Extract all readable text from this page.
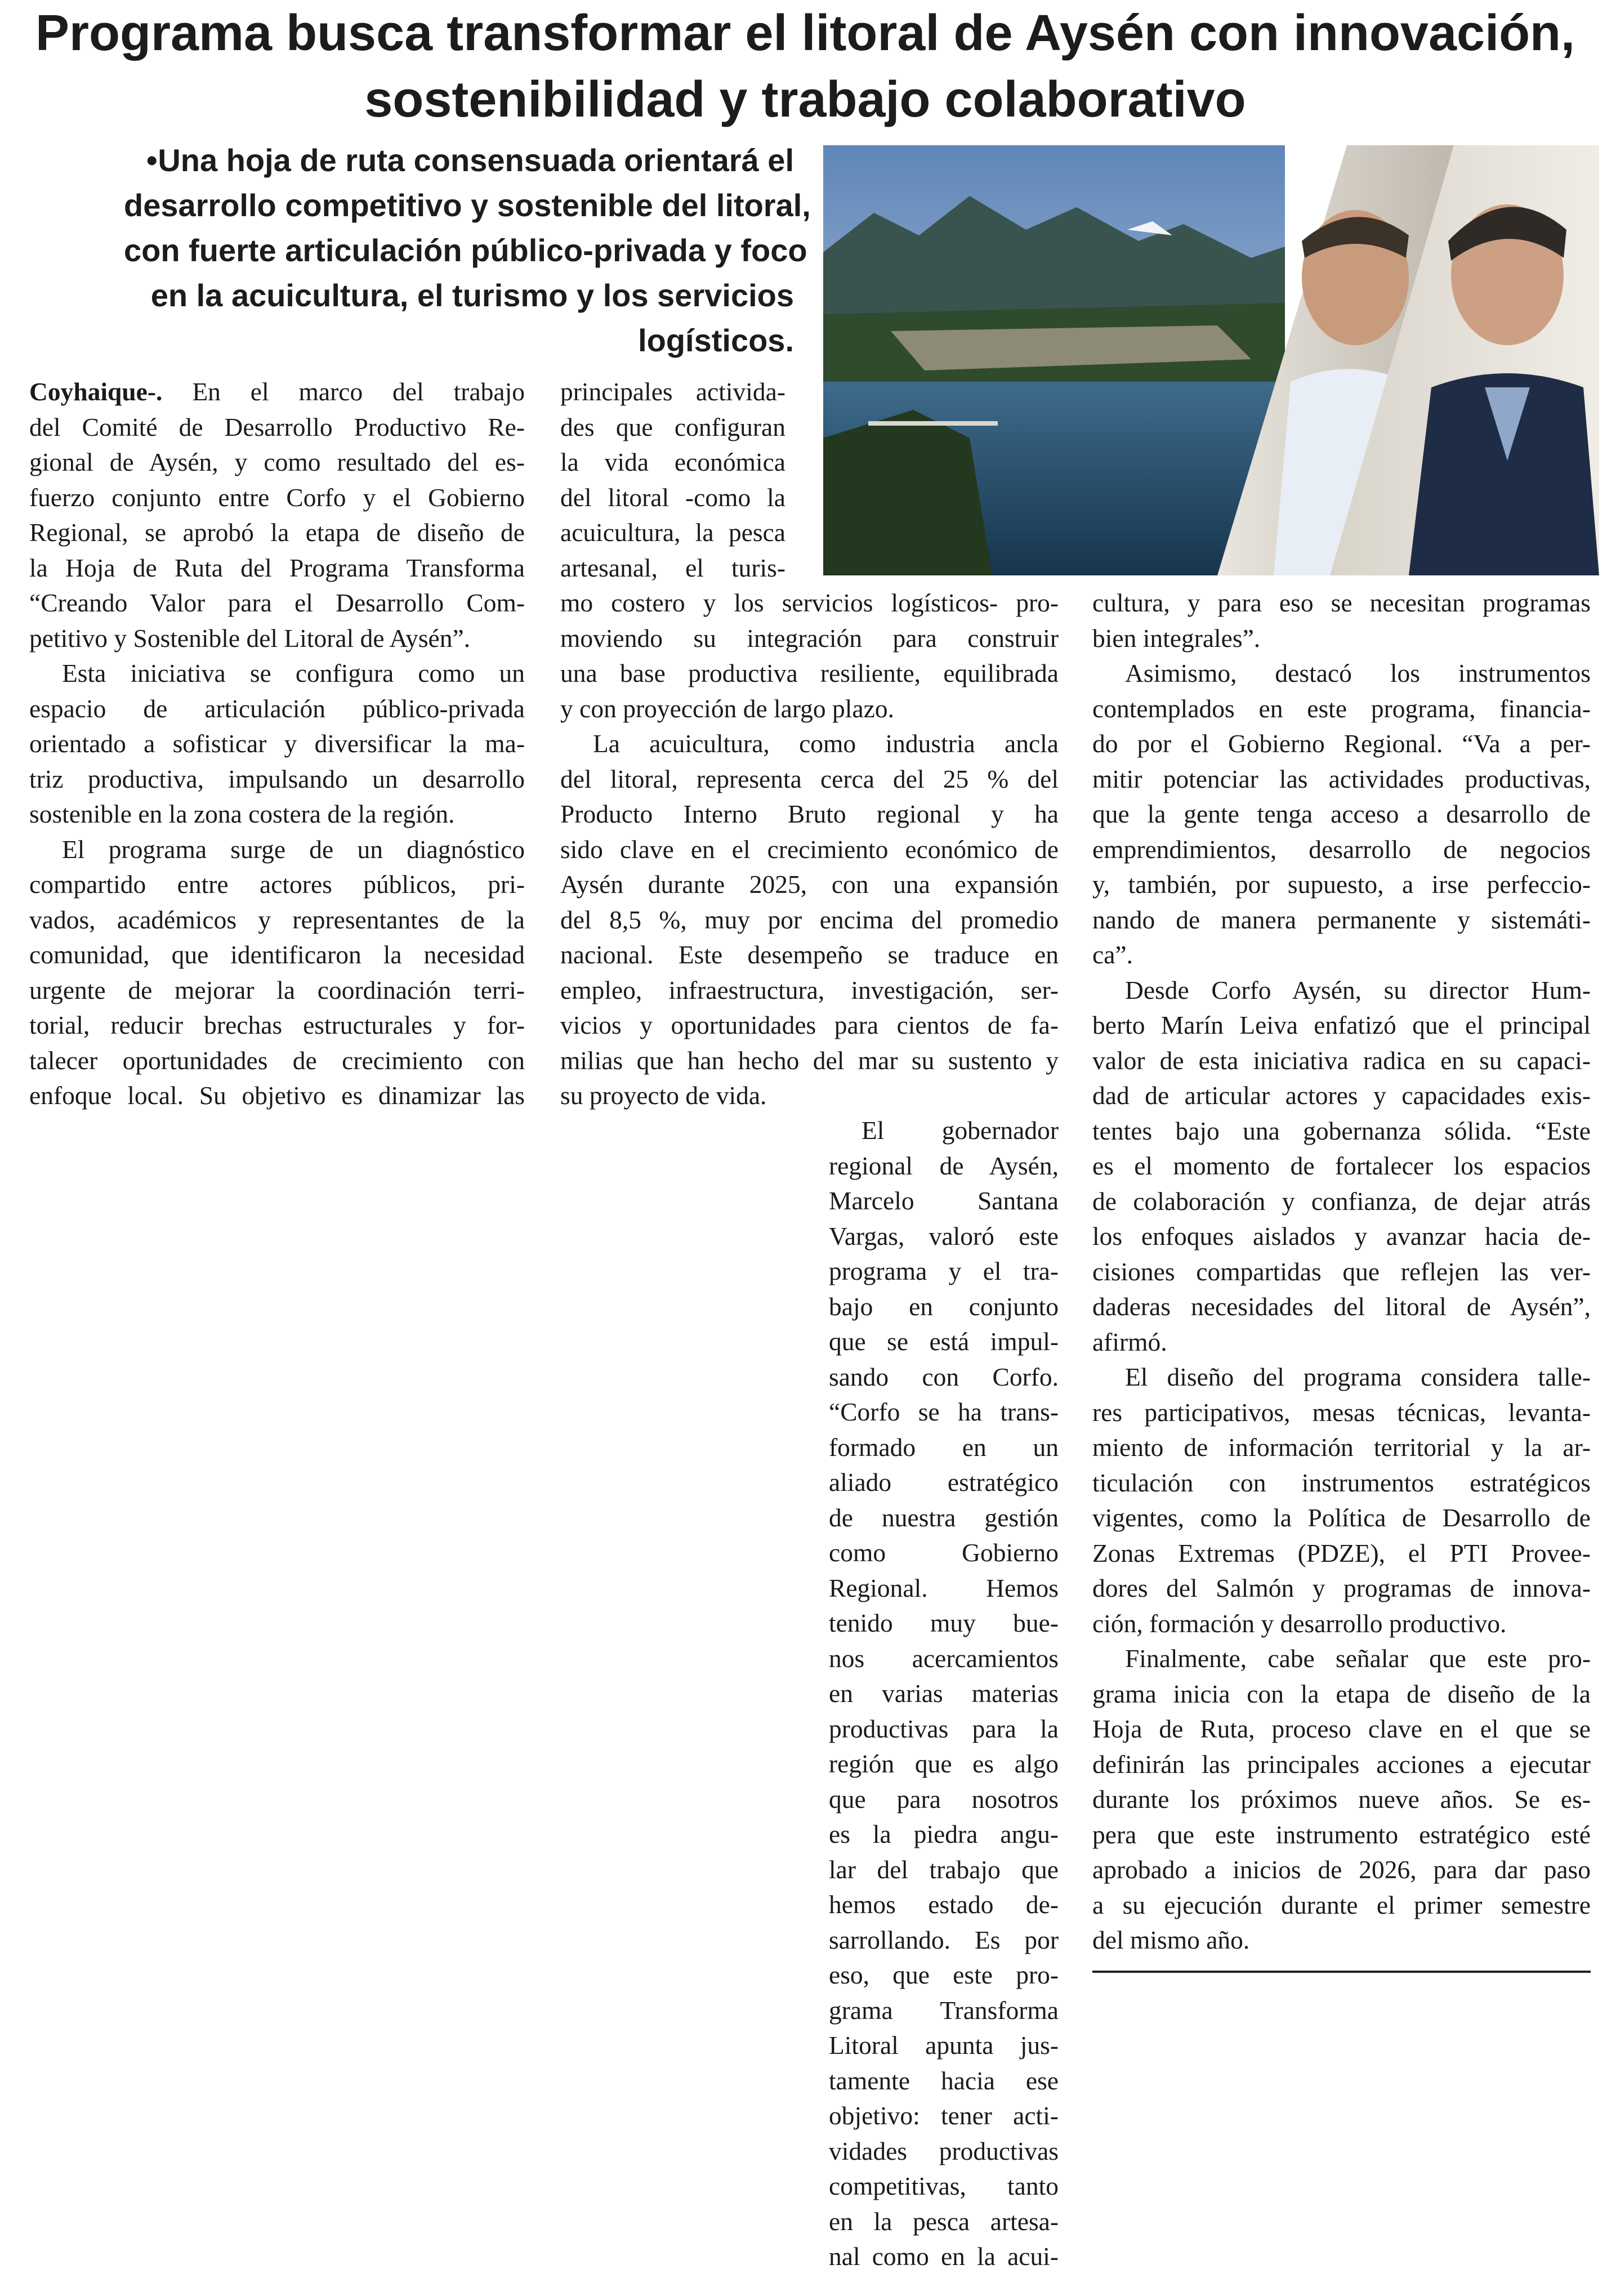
Programa busca transformar el litoral de Aysén con innovación,
sostenibilidad y trabajo colaborativo
• Una hoja de ruta consensuada orientará el
desarrollo competitivo y sostenible del litoral,
con fuerte articulación público-privada y foco
en la acuicultura, el turismo y los servicios
logísticos.
Coyhaique-. En el marco del trabajo
del Comité de Desarrollo Productivo Re-
gional de Aysén, y como resultado del es-
fuerzo conjunto entre Corfo y el Gobierno
Regional, se aprobó la etapa de diseño de
la Hoja de Ruta del Programa Transforma
“Creando Valor para el Desarrollo Com-
petitivo y Sostenible del Litoral de Aysén”.
Esta iniciativa se configura como un
espacio de articulación público-privada
orientado a sofisticar y diversificar la ma-
triz productiva, impulsando un desarrollo
sostenible en la zona costera de la región.
El programa surge de un diagnóstico
compartido entre actores públicos, pri-
vados, académicos y representantes de la
comunidad, que identificaron la necesidad
urgente de mejorar la coordinación terri-
torial, reducir brechas estructurales y for-
talecer oportunidades de crecimiento con
enfoque local. Su objetivo es dinamizar las
principales activida-
des que configuran
la vida económica
del litoral -como la
acuicultura, la pesca
artesanal, el turis-
mo costero y los servicios logísticos- pro-
moviendo su integración para construir
una base productiva resiliente, equilibrada
y con proyección de largo plazo.
La acuicultura, como industria ancla
del litoral, representa cerca del 25 % del
Producto Interno Bruto regional y ha
sido clave en el crecimiento económico de
Aysén durante 2025, con una expansión
del 8,5 %, muy por encima del promedio
nacional. Este desempeño se traduce en
empleo, infraestructura, investigación, ser-
vicios y oportunidades para cientos de fa-
milias que han hecho del mar su sustento y
su proyecto de vida.
El gobernador
regional de Aysén,
Marcelo Santana
Vargas, valoró este
programa y el tra-
bajo en conjunto
que se está impul-
sando con Corfo.
“Corfo se ha trans-
formado en un
aliado estratégico
de nuestra gestión
como Gobierno
Regional. Hemos
tenido muy bue-
nos acercamientos
en varias materias
productivas para la
región que es algo
que para nosotros
es la piedra angu-
lar del trabajo que
hemos estado de-
sarrollando. Es por
eso, que este pro-
grama Transforma
Litoral apunta jus-
tamente hacia ese
objetivo: tener acti-
vidades productivas
competitivas, tanto
en la pesca artesa-
nal como en la acui-
cultura, y para eso se necesitan programas
bien integrales”.
Asimismo, destacó los instrumentos
contemplados en este programa, financia-
do por el Gobierno Regional. “Va a per-
mitir potenciar las actividades productivas,
que la gente tenga acceso a desarrollo de
emprendimientos, desarrollo de negocios
y, también, por supuesto, a irse perfeccio-
nando de manera permanente y sistemáti-
ca”.
Desde Corfo Aysén, su director Hum-
berto Marín Leiva enfatizó que el principal
valor de esta iniciativa radica en su capaci-
dad de articular actores y capacidades exis-
tentes bajo una gobernanza sólida. “Este
es el momento de fortalecer los espacios
de colaboración y confianza, de dejar atrás
los enfoques aislados y avanzar hacia de-
cisiones compartidas que reflejen las ver-
daderas necesidades del litoral de Aysén”,
afirmó.
El diseño del programa considera talle-
res participativos, mesas técnicas, levanta-
miento de información territorial y la ar-
ticulación con instrumentos estratégicos
vigentes, como la Política de Desarrollo de
Zonas Extremas (PDZE), el PTI Provee-
dores del Salmón y programas de innova-
ción, formación y desarrollo productivo.
Finalmente, cabe señalar que este pro-
grama inicia con la etapa de diseño de la
Hoja de Ruta, proceso clave en el que se
definirán las principales acciones a ejecutar
durante los próximos nueve años. Se es-
pera que este instrumento estratégico esté
aprobado a inicios de 2026, para dar paso
a su ejecución durante el primer semestre
del mismo año.
